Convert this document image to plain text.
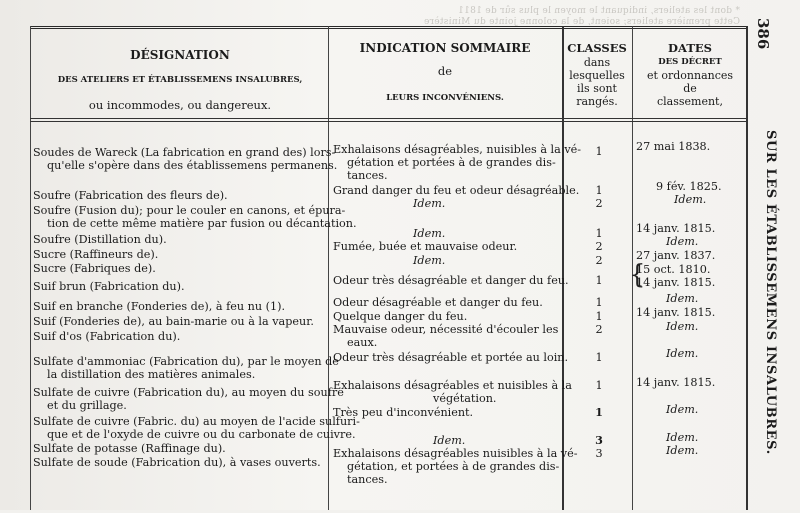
* dont les ateliers, indiquant le moyen le plus sûr de 1811
Cette première ateliers; soient, de la colonne jointe du Ministère 386
SUR LES ÉTABLISSEMENS INSALUBRES.
DÉSIGNATION
DES ATELIERS ET ÉTABLISSEMENS INSALUBRES,
ou incommodes, ou dangereux.
INDICATION SOMMAIRE
de
LEURS INCONVÉNIENS.
CLASSES
dans
lesquelles
ils sont
rangés.
DATES
DES DÉCRET
et ordonnances
de
classement,
Soudes de Wareck (La fabrication en grand des) lors-
qu'elle s'opère dans des établissemens permanens.
Soufre (Fabrication des fleurs de).
Soufre (Fusion du); pour le couler en canons, et épura-
tion de cette même matière par fusion ou décantation.
Soufre (Distillation du).
Sucre (Raffineurs de).
Sucre (Fabriques de).
Suif brun (Fabrication du).
Suif en branche (Fonderies de), à feu nu (1).
Suif (Fonderies de), au bain-marie ou à la vapeur.
Suif d'os (Fabrication du).
Sulfate d'ammoniac (Fabrication du), par le moyen de
la distillation des matières animales.
Sulfate de cuivre (Fabrication du), au moyen du soufre
et du grillage.
Sulfate de cuivre (Fabric. du) au moyen de l'acide sulfuri-
que et de l'oxyde de cuivre ou du carbonate de cuivre.
Sulfate de potasse (Raffinage du).
Sulfate de soude (Fabrication du), à vases ouverts.
Exhalaisons désagréables, nuisibles à la vé-
gétation et portées à de grandes dis-
tances.
Grand danger du feu et odeur désagréable.
Idem.
Idem.
Fumée, buée et mauvaise odeur.
Idem.
Odeur très désagréable et danger du feu.
Odeur désagréable et danger du feu.
Quelque danger du feu.
Mauvaise odeur, nécessité d'écouler les
eaux.
Odeur très désagréable et portée au loin.
Exhalaisons désagréables et nuisibles à la
végétation.
Très peu d'inconvénient.
Idem.
Exhalaisons désagréables nuisibles à la vé-
gétation, et portées à de grandes dis-
tances.
1
1
2
1
2
2
1
1
1
2
1
1
1
3
3
27 mai 1838.
9 fév. 1825.
Idem.
14 janv. 1815.
Idem.
27 janv. 1837.
{
15 oct. 1810.
14 janv. 1815.
Idem.
14 janv. 1815.
Idem.
Idem.
14 janv. 1815.
Idem.
Idem.
Idem.
